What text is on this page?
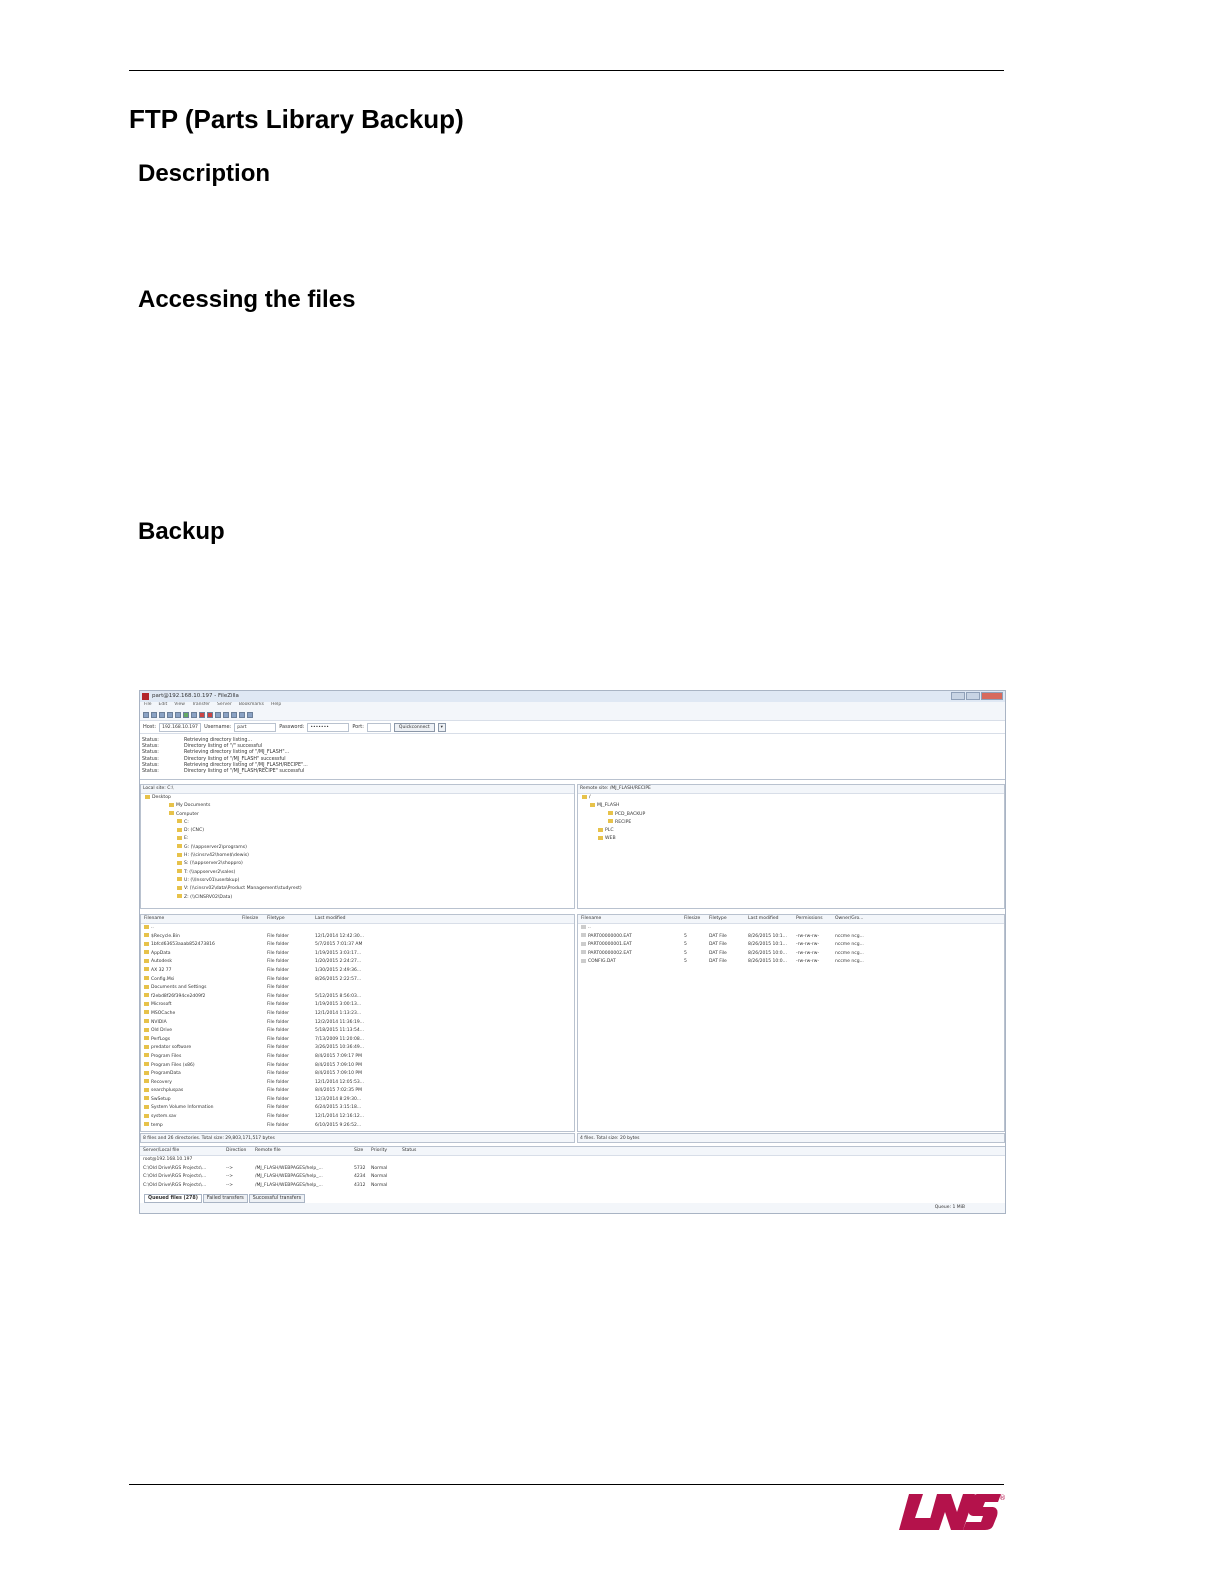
FTP (Parts Library Backup)
Description
Accessing the files
Backup
part@192.168.10.197 - FileZilla
File Edit View Transfer Server Bookmarks Help
Host:	192.168.10.197	Username:	part	Password:	•••••••	Port:	Quickconnect	▾
Status:	Retrieving directory listing...
Status:	Directory listing of "/" successful
Status:	Retrieving directory listing of "/MJ_FLASH"...
Status:	Directory listing of "/MJ_FLASH" successful
Status:	Retrieving directory listing of "/MJ_FLASH/RECIPE"...
Status:	Directory listing of "/MJ_FLASH/RECIPE" successful
Local site: C:\
Desktop
My Documents
Computer
C:
D: (CNC)
E:
G: (\\appserver2\programs)
H: (\\cinsrv42\home$\dewis)
S: (\\appserver2\shoppro)
T: (\\appserver2\sales)
U: (\\lnssrv01\userbkup)
V: (\\cinsrv02\data\Product Management\studyrest)
Z: (\\CINSRV02\Data)
Remote site: /MJ_FLASH/RECIPE
/
MJ_FLASH
PCD_BACKUP
RECIPE
PLC
WEB
Filename	Filesize	Filetype	Last modified
..
$Recycle.Bin	File folder	12/1/2014 12:42:30...
1bfcd63653aaab852473816	File folder	5/7/2015 7:01:37 AM
AppData	File folder	1/19/2015 3:03:17...
Autodesk	File folder	1/20/2015 2:24:27...
AX 32 77	File folder	1/30/2015 2:49:36...
Config.Msi	File folder	8/26/2015 2:22:57...
Documents and Settings	File folder
f2ebd8f26f394ce2d09f2	File folder	5/12/2015 8:56:03...
Microsoft	File folder	1/19/2015 3:00:13...
MSOCache	File folder	12/1/2014 1:13:23...
NVIDIA	File folder	12/2/2014 11:36:19...
Old Drive	File folder	5/18/2015 11:13:54...
PerfLogs	File folder	7/13/2009 11:20:08...
predator software	File folder	3/26/2015 10:36:49...
Program Files	File folder	8/4/2015 7:09:17 PM
Program Files (x86)	File folder	8/4/2015 7:09:10 PM
ProgramData	File folder	8/4/2015 7:09:10 PM
Recovery	File folder	12/1/2014 12:05:53...
searchpluspas	File folder	8/4/2015 7:02:35 PM
SwSetup	File folder	12/3/2014 8:29:30...
System Volume Information	File folder	6/24/2015 3:15:18...
system.sav	File folder	12/1/2014 12:16:12...
temp	File folder	6/10/2015 9:26:52...
8 files and 26 directories. Total size: 29,803,171,517 bytes
Filename	Filesize	Filetype	Last modified	Permissions	Owner/Gro...
..
PART00000000.EAT	5	DAT File	8/26/2015 10:1...	-rw-rw-rw-	nccme ncg...
PART00000001.EAT	5	DAT File	8/26/2015 10:1...	-rw-rw-rw-	nccme ncg...
PART00000002.EAT	5	DAT File	8/26/2015 10:0...	-rw-rw-rw-	nccme ncg...
CONFIG.DAT	5	DAT File	8/26/2015 10:0...	-rw-rw-rw-	nccme ncg...
4 files. Total size: 20 bytes
Server/Local file	Direction	Remote file	Size	Priority	Status
root@192.168.10.197
C:\Old Drive\RGS Projects\...	-->	/MJ_FLASH/WEBPAGES/help_...	5732	Normal
C:\Old Drive\RGS Projects\...	-->	/MJ_FLASH/WEBPAGES/help_...	4234	Normal
C:\Old Drive\RGS Projects\...	-->	/MJ_FLASH/WEBPAGES/help_...	4312	Normal
Queued files (278)	Failed transfers	Successful transfers
Queue: 1 MiB
®
